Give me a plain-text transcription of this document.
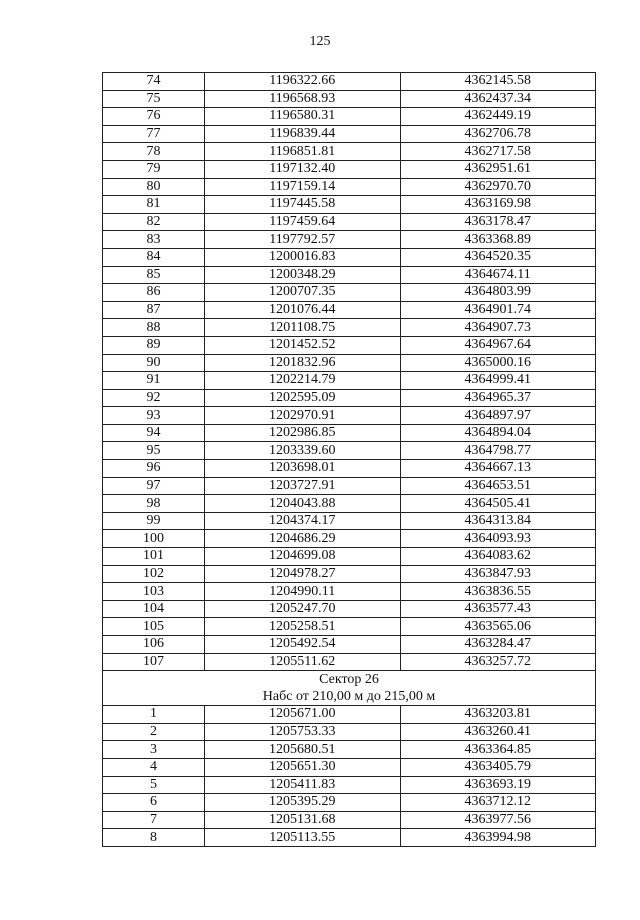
125
74	1196322.66	4362145.58
75	1196568.93	4362437.34
76	1196580.31	4362449.19
77	1196839.44	4362706.78
78	1196851.81	4362717.58
79	1197132.40	4362951.61
80	1197159.14	4362970.70
81	1197445.58	4363169.98
82	1197459.64	4363178.47
83	1197792.57	4363368.89
84	1200016.83	4364520.35
85	1200348.29	4364674.11
86	1200707.35	4364803.99
87	1201076.44	4364901.74
88	1201108.75	4364907.73
89	1201452.52	4364967.64
90	1201832.96	4365000.16
91	1202214.79	4364999.41
92	1202595.09	4364965.37
93	1202970.91	4364897.97
94	1202986.85	4364894.04
95	1203339.60	4364798.77
96	1203698.01	4364667.13
97	1203727.91	4364653.51
98	1204043.88	4364505.41
99	1204374.17	4364313.84
100	1204686.29	4364093.93
101	1204699.08	4364083.62
102	1204978.27	4363847.93
103	1204990.11	4363836.55
104	1205247.70	4363577.43
105	1205258.51	4363565.06
106	1205492.54	4363284.47
107	1205511.62	4363257.72

Сектор 26
Набс от 210,00 м до 215,00 м		

1	1205671.00	4363203.81
2	1205753.33	4363260.41
3	1205680.51	4363364.85
4	1205651.30	4363405.79
5	1205411.83	4363693.19
6	1205395.29	4363712.12
7	1205131.68	4363977.56
8	1205113.55	4363994.98
